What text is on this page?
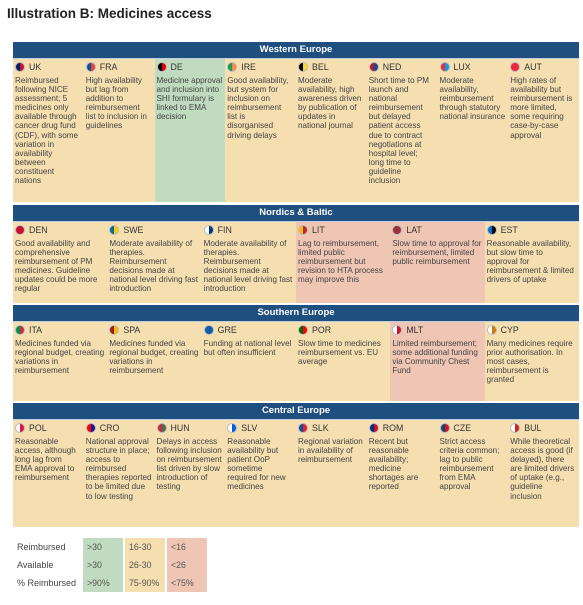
Illustration B: Medicines access
Western Europe
UK
Reimbursed following NICE assessment; 5 medicines only available through cancer drug fund (CDF), with some variation in availability between constituent nations
FRA
High availability but lag from addition to reimbursement list to inclusion in guidelines
DE
Medicine approval and inclusion into SHI formulary is linked to EMA decision
IRE
Good availability, but system for inclusion on reimbursement list is disorganised driving delays
BEL
Moderate availability, high awareness driven by publication of updates in national journal
NED
Short time to PM launch and national reimbursement but delayed patient access due to contract negotiations at hospital level; long time to guideline inclusion
LUX
Moderate availability, reimbursement through statutory national insurance
AUT
High rates of availability but reimbursement is more limited, some requiring case-by-case approval
Nordics & Baltic
DEN
Good availability and comprehensive reimbursement of PM medicines. Guideline updates could be more regular
SWE
Moderate availability of therapies. Reimbursement decisions made at national level driving fast introduction
FIN
Moderate availability of therapies. Reimbursement decisions made at national level driving fast introduction
LIT
Lag to reimbursement, limited public reimbursement but revision to HTA process may improve this
LAT
Slow time to approval for reimbursement, limited public reimbursement
EST
Reasonable availability, but slow time to approval for reimbursement & limited drivers of uptake
Southern Europe
ITA
Medicines funded via regional budget, creating variations in reimbursement
SPA
Medicines funded via regional budget, creating variations in reimbursement
GRE
Funding at national level but often insufficient
POR
Slow time to medicines reimbursement vs. EU average
MLT
Limited reimbursement; some additional funding via Community Chest Fund
CYP
Many medicines require prior authorisation. In most cases, reimbursement is granted
Central Europe
POL
Reasonable access, although long lag from EMA approval to reimbursement
CRO
National approval structure in place; access to reimbursed therapies reported to be limited due to low testing
HUN
Delays in access following inclusion on reimbursement list driven by slow introduction of testing
SLV
Reasonable availability but patient OoP sometime required for new medicines
SLK
Regional variation in availability of reimbursement
ROM
Recent but reasonable availability; medicine shortages are reported
CZE
Strict access criteria common; lag to public reimbursement from EMA approval
BUL
While theoretical access is good (if delayed), there are limited drivers of uptake (e.g., guideline inclusion
Reimbursed	>30	16-30	<16
Available	>30	26-30	<26
% Reimbursed	>90%	75-90%	<75%
